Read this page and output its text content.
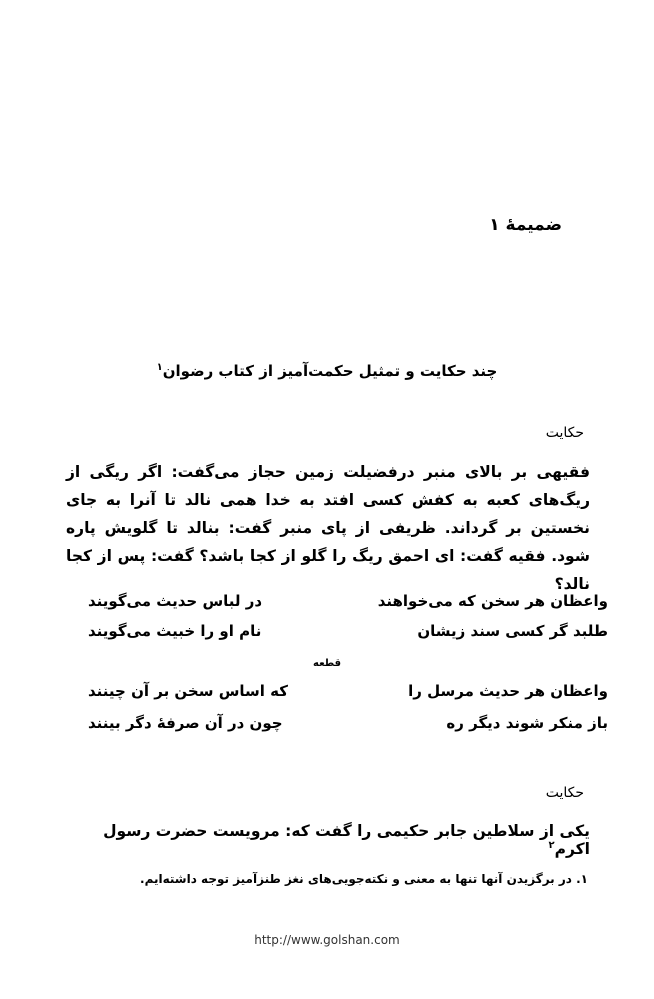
ضمیمهٔ ۱
چند حکایت و تمثیل حکمت‌آمیز از کتاب رضوان$^۱$
حکایت
فقیهی بر بالای منبر درفضیلت زمین حجاز می‌گفت: اگر ریگی از ریگ‌های کعبه به کفش کسی افتد به خدا همی نالد تا آنرا به جای نخستین بر گرداند. ظریفی از پای منبر گفت: بنالد تا گلویش پاره شود. فقیه گفت: ای احمق ریگ را گلو از کجا باشد؟ گفت: پس از کجا نالد؟
واعظان هر سخن که می‌خواهند
در لباس حدیث می‌گویند
طلبد گر کسی سند زیشان
نام او را خبیث می‌گویند
قطعه
واعظان هر حدیث مرسل را
که اساس سخن بر آن چینند
باز منکر شوند دیگر ره
چون در آن صرفهٔ دگر بینند
حکایت
یکی از سلاطین جابر حکیمی را گفت که: مرویست حضرت رسول اکرم$^۲$
۱. در برگزیدن آنها تنها به معنی و نکته‌جویی‌های نغز طنزآمیز توجه داشته‌ایم.
http://www.golshan.com
